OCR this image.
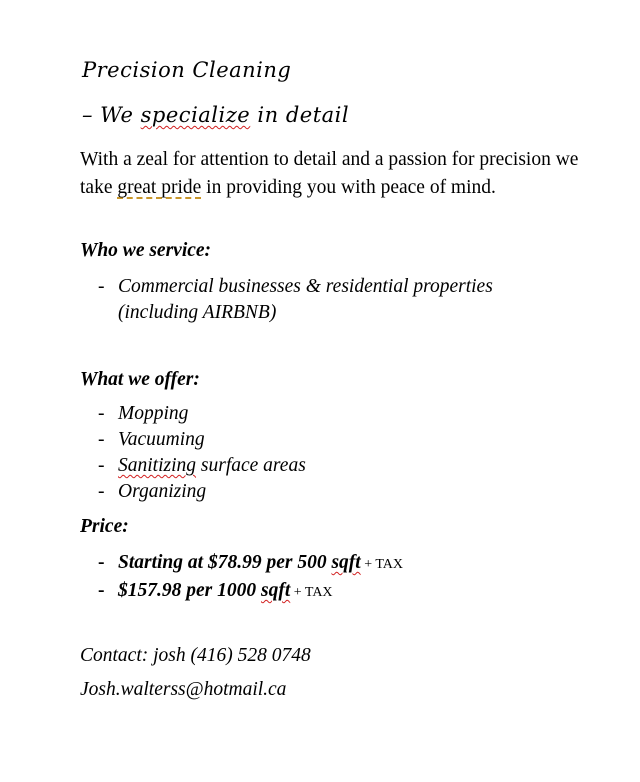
Precision Cleaning
– We specialize in detail
With a zeal for attention to detail and a passion for precision we take great pride in providing you with peace of mind.
Who we service:
- Commercial businesses & residential properties
(including AIRBNB)
What we offer:
- Mopping
- Vacuuming
- Sanitizing surface areas
- Organizing
Price:
- Starting at $78.99 per 500 sqft + TAX
- $157.98 per 1000 sqft + TAX
Contact: josh (416) 528 0748
Josh.walterss@hotmail.ca
